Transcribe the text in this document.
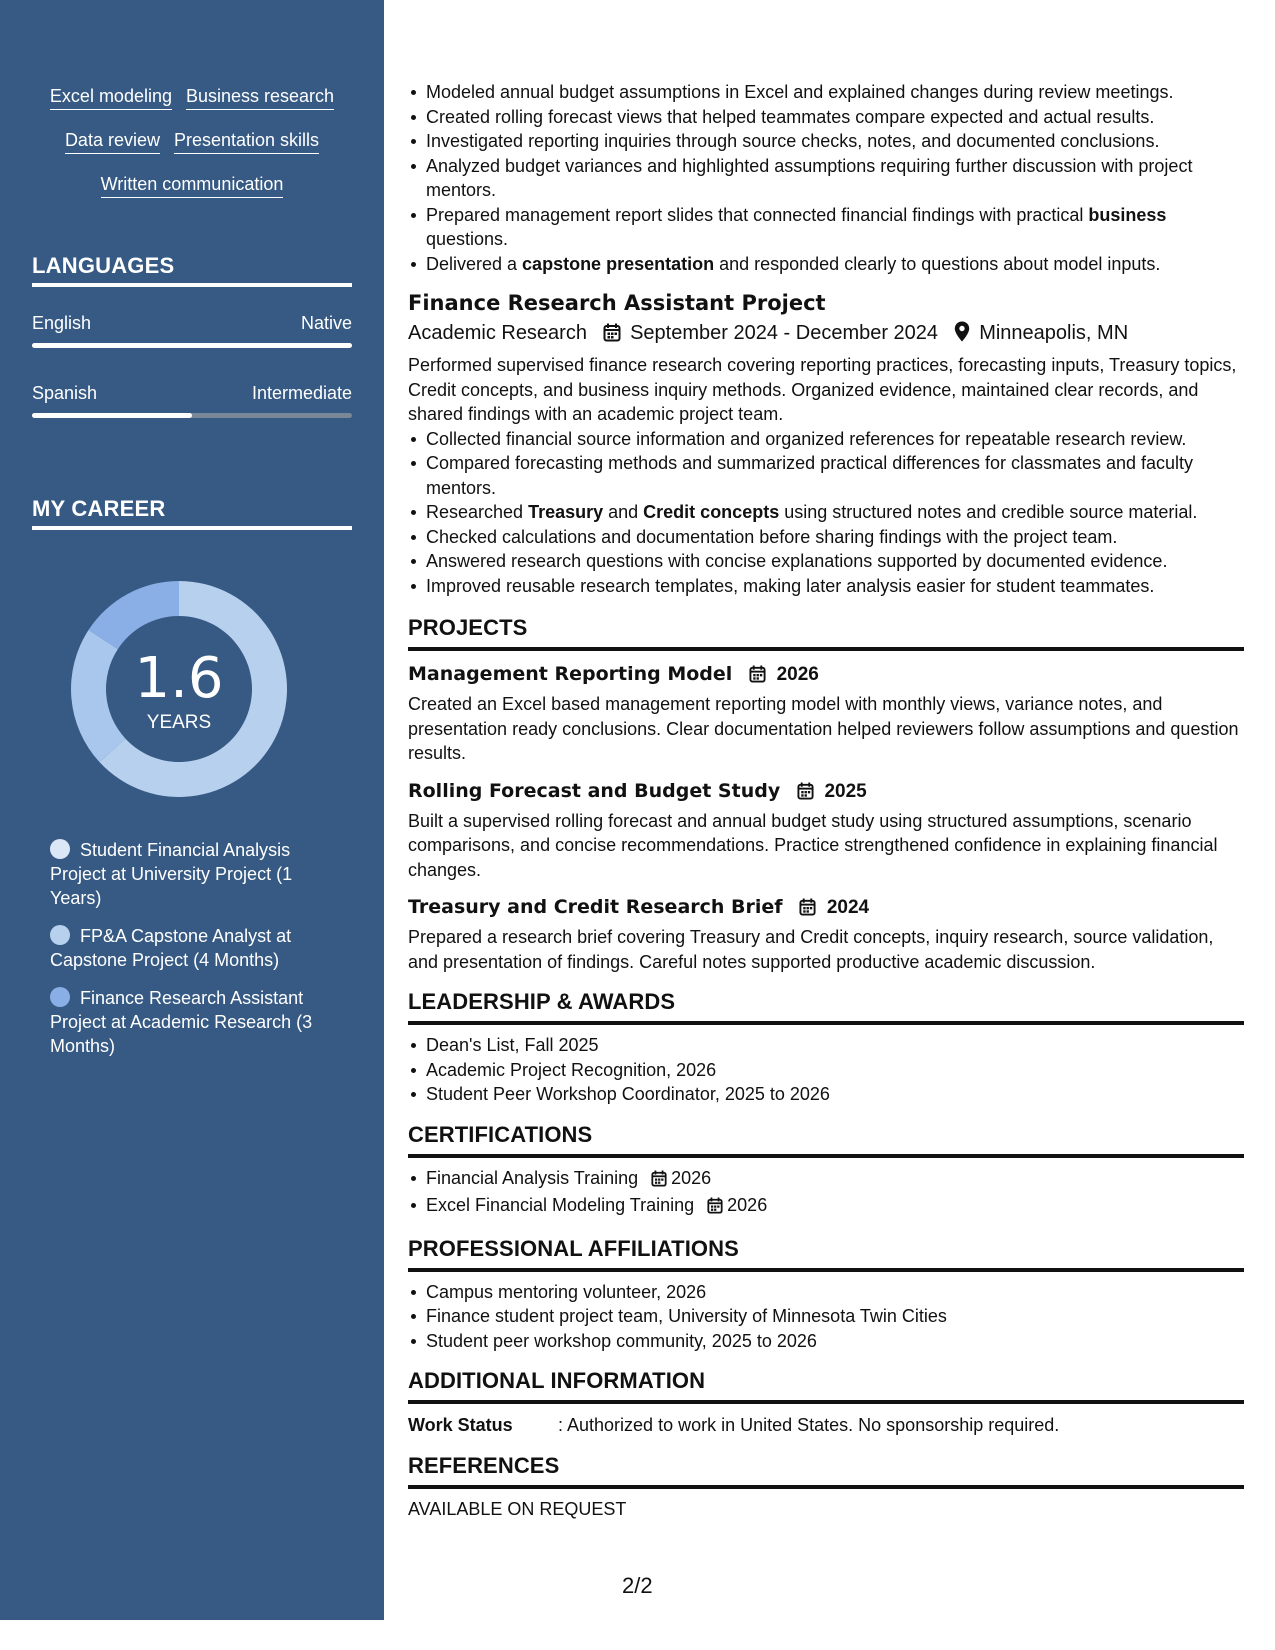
Excel modeling Business research
Data review Presentation skills
Written communication
LANGUAGES
English	Native
Spanish	Intermediate
MY CAREER
1.6
YEARS
Student Financial Analysis Project at University Project (1 Years)
FP&A Capstone Analyst at Capstone Project (4 Months)
Finance Research Assistant Project at Academic Research (3 Months)
Modeled annual budget assumptions in Excel and explained changes during review meetings.
Created rolling forecast views that helped teammates compare expected and actual results.
Investigated reporting inquiries through source checks, notes, and documented conclusions.
Analyzed budget variances and highlighted assumptions requiring further discussion with project mentors.
Prepared management report slides that connected financial findings with practical business questions.
Delivered a capstone presentation and responded clearly to questions about model inputs.
Finance Research Assistant Project
Academic Research September 2024 - December 2024 Minneapolis, MN
Performed supervised finance research covering reporting practices, forecasting inputs, Treasury topics, Credit concepts, and business inquiry methods. Organized evidence, maintained clear records, and shared findings with an academic project team.
Collected financial source information and organized references for repeatable research review.
Compared forecasting methods and summarized practical differences for classmates and faculty mentors.
Researched Treasury and Credit concepts using structured notes and credible source material.
Checked calculations and documentation before sharing findings with the project team.
Answered research questions with concise explanations supported by documented evidence.
Improved reusable research templates, making later analysis easier for student teammates.
PROJECTS
Management Reporting Model 2026
Created an Excel based management reporting model with monthly views, variance notes, and presentation ready conclusions. Clear documentation helped reviewers follow assumptions and question results.
Rolling Forecast and Budget Study 2025
Built a supervised rolling forecast and annual budget study using structured assumptions, scenario comparisons, and concise recommendations. Practice strengthened confidence in explaining financial changes.
Treasury and Credit Research Brief 2024
Prepared a research brief covering Treasury and Credit concepts, inquiry research, source validation, and presentation of findings. Careful notes supported productive academic discussion.
LEADERSHIP & AWARDS
Dean's List, Fall 2025
Academic Project Recognition, 2026
Student Peer Workshop Coordinator, 2025 to 2026
CERTIFICATIONS
Financial Analysis Training 2026
Excel Financial Modeling Training 2026
PROFESSIONAL AFFILIATIONS
Campus mentoring volunteer, 2026
Finance student project team, University of Minnesota Twin Cities
Student peer workshop community, 2025 to 2026
ADDITIONAL INFORMATION
Work Status	: Authorized to work in United States. No sponsorship required.
REFERENCES
AVAILABLE ON REQUEST
2/2
